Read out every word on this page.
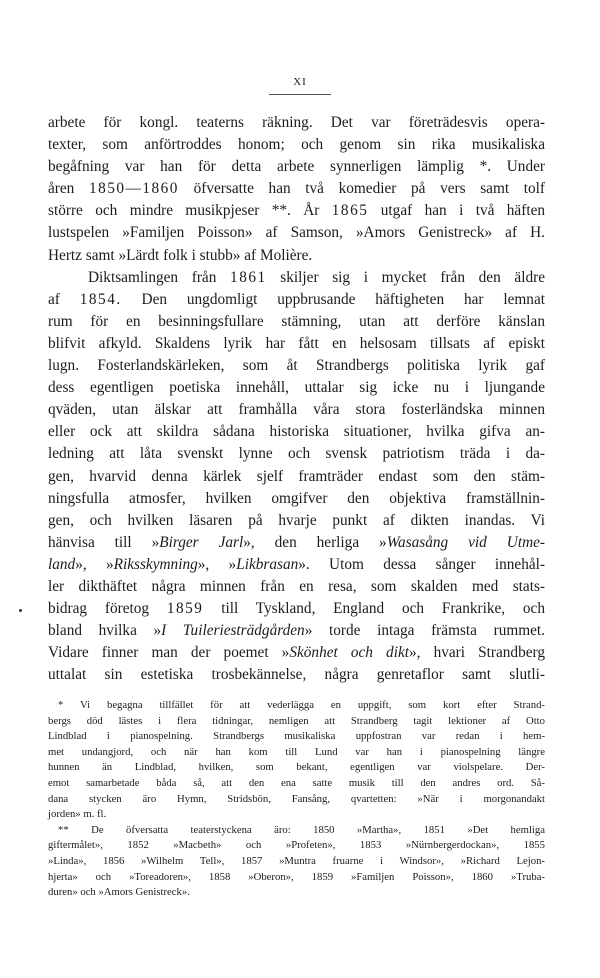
XI
arbete för kongl. teaterns räkning. Det var företrädesvis opera-
texter, som anförtroddes honom; och genom sin rika musikaliska
begåfning var han för detta arbete synnerligen lämplig *. Under
åren 1850—1860 öfversatte han två komedier på vers samt tolf
större och mindre musikpjeser **. År 1865 utgaf han i två häften
lustspelen »Familjen Poisson» af Samson, »Amors Genistreck» af H.
Hertz samt »Lärdt folk i stubb» af Molière.
Diktsamlingen från 1861 skiljer sig i mycket från den äldre
af 1854. Den ungdomligt uppbrusande häftigheten har lemnat
rum för en besinningsfullare stämning, utan att derföre känslan
blifvit afkyld. Skaldens lyrik har fått en helsosam tillsats af episkt
lugn. Fosterlandskärleken, som åt Strandbergs politiska lyrik gaf
dess egentligen poetiska innehåll, uttalar sig icke nu i ljungande
qväden, utan älskar att framhålla våra stora fosterländska minnen
eller ock att skildra sådana historiska situationer, hvilka gifva an-
ledning att låta svenskt lynne och svensk patriotism träda i da-
gen, hvarvid denna kärlek sjelf framträder endast som den stäm-
ningsfulla atmosfer, hvilken omgifver den objektiva framställnin-
gen, och hvilken läsaren på hvarje punkt af dikten inandas. Vi
hänvisa till »Birger Jarl», den herliga »Wasasång vid Utme-
land», »Riksskymning», »Likbrasan». Utom dessa sånger innehål-
ler dikthäftet några minnen från en resa, som skalden med stats-
bidrag företog 1859 till Tyskland, England och Frankrike, och
bland hvilka »I Tuileriesträdgården» torde intaga främsta rummet.
Vidare finner man der poemet »Skönhet och dikt», hvari Strandberg
uttalat sin estetiska trosbekännelse, några genretaflor samt slutli-
* Vi begagna tillfället för att vederlägga en uppgift, som kort efter Strand-
bergs död lästes i flera tidningar, nemligen att Strandberg tagit lektioner af Otto
Lindblad i pianospelning. Strandbergs musikaliska uppfostran var redan i hem-
met undangjord, och när han kom till Lund var han i pianospelning längre
hunnen än Lindblad, hvilken, som bekant, egentligen var violspelare. Der-
emot samarbetade båda så, att den ena satte musik till den andres ord. Så-
dana stycken äro Hymn, Stridsbön, Fansång, qvartetten: »När i morgonandakt
jorden» m. fl.
** De öfversatta teaterstyckena äro: 1850 »Martha», 1851 »Det hemliga
giftermålet», 1852 »Macbeth» och »Profeten», 1853 »Nürnbergerdockan», 1855
»Linda», 1856 »Wilhelm Tell», 1857 »Muntra fruarne i Windsor», »Richard Lejon-
hjerta» och »Toreadoren», 1858 »Oberon», 1859 »Familjen Poisson», 1860 »Truba-
duren» och »Amors Genistreck».
